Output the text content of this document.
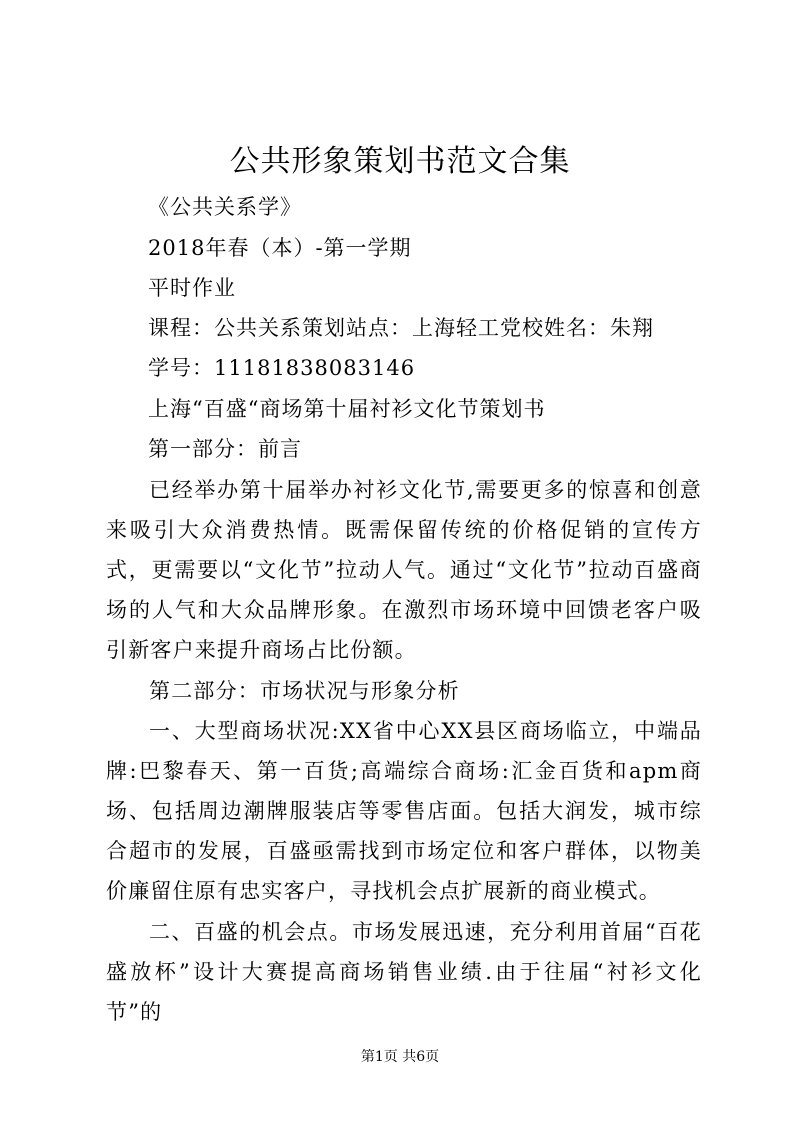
公共形象策划书范文合集
《公共关系学》
2018年春（本）-第一学期
平时作业
课程：公共关系策划站点：上海轻工党校姓名：朱翔
学号：11181838083146
上海“百盛“商场第十届衬衫文化节策划书
第一部分：前言
已经举办第十届举办衬衫文化节,需要更多的惊喜和创意来吸引大众消费热情。既需保留传统的价格促销的宣传方式，更需要以“文化节”拉动人气。通过“文化节”拉动百盛商场的人气和大众品牌形象。在激烈市场环境中回馈老客户吸引新客户来提升商场占比份额。
第二部分：市场状况与形象分析
一、大型商场状况:XX省中心XX县区商场临立，中端品牌:巴黎春天、第一百货;高端综合商场:汇金百货和apm商场、包括周边潮牌服装店等零售店面。包括大润发，城市综合超市的发展，百盛亟需找到市场定位和客户群体，以物美价廉留住原有忠实客户，寻找机会点扩展新的商业模式。
二、百盛的机会点。市场发展迅速，充分利用首届“百花盛放杯”设计大赛提高商场销售业绩.由于往届“衬衫文化节”的
第1页 共6页
